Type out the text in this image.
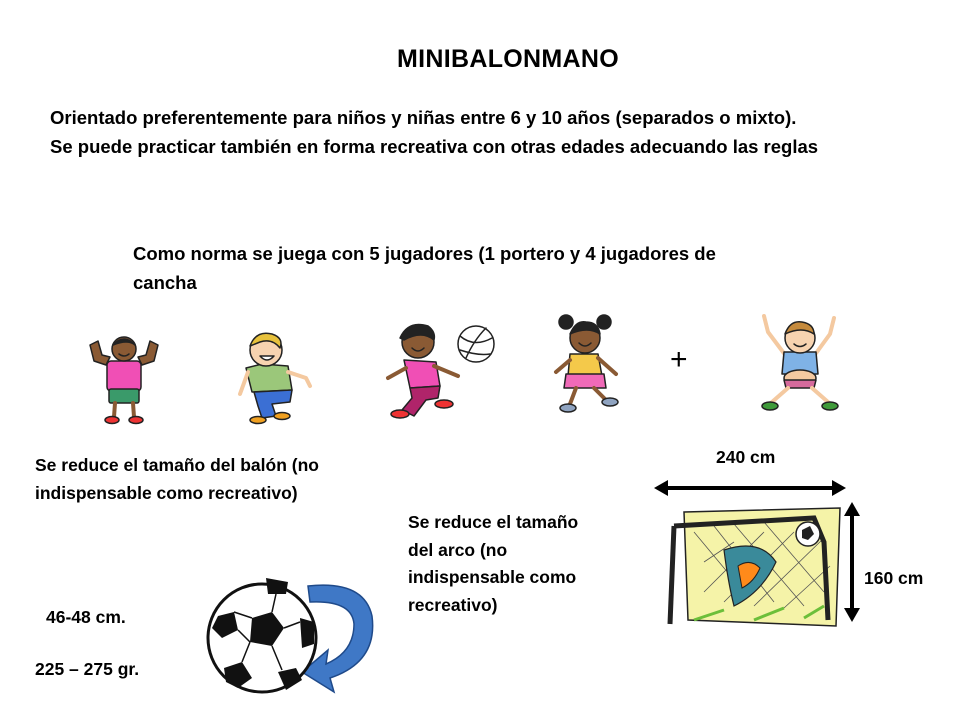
MINIBALONMANO
Orientado preferentemente para niños y niñas entre 6 y 10 años (separados o mixto).
Se puede practicar también en forma recreativa con otras edades adecuando las reglas
Como norma se juega con 5 jugadores (1 portero y 4 jugadores de
cancha
+
Se reduce el tamaño del balón (no
indispensable como recreativo)
240 cm
Se reduce el tamaño
del arco (no
indispensable como
recreativo)
160 cm
46-48 cm.
225 – 275 gr.
